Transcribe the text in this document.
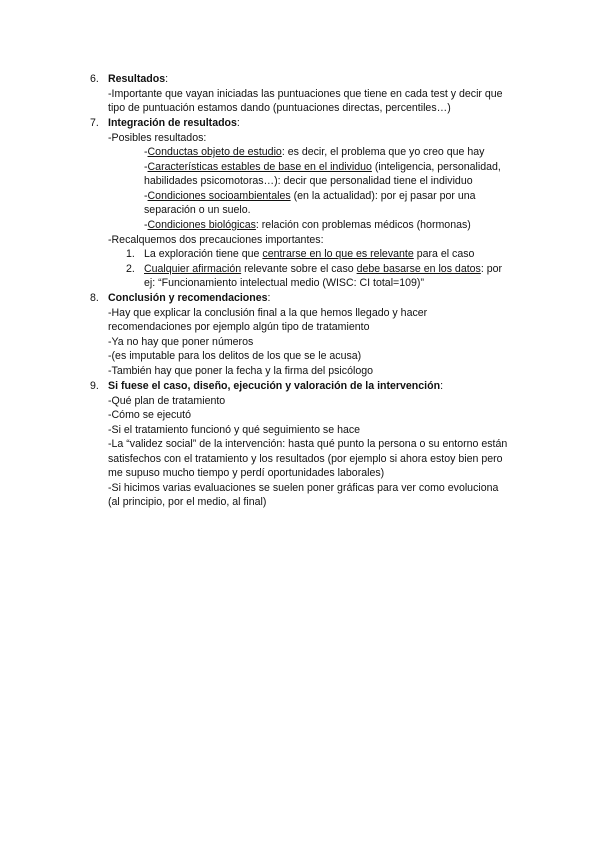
6. Resultados:
-Importante que vayan iniciadas las puntuaciones que tiene en cada test y decir que
tipo de puntuación estamos dando (puntuaciones directas, percentiles…)
7. Integración de resultados:
-Posibles resultados:
-Conductas objeto de estudio: es decir, el problema que yo creo que hay
-Características estables de base en el individuo (inteligencia, personalidad,
habilidades psicomotoras…): decir que personalidad tiene el individuo
-Condiciones socioambientales (en la actualidad): por ej pasar por una
separación o un suelo.
-Condiciones biológicas: relación con problemas médicos (hormonas)
-Recalquemos dos precauciones importantes:
1. La exploración tiene que centrarse en lo que es relevante para el caso
2. Cualquier afirmación relevante sobre el caso debe basarse en los datos: por
ej: “Funcionamiento intelectual medio (WISC: CI total=109)”
8. Conclusión y recomendaciones:
-Hay que explicar la conclusión final a la que hemos llegado y hacer
recomendaciones por ejemplo algún tipo de tratamiento
-Ya no hay que poner números
-(es imputable para los delitos de los que se le acusa)
-También hay que poner la fecha y la firma del psicólogo
9. Si fuese el caso, diseño, ejecución y valoración de la intervención:
-Qué plan de tratamiento
-Cómo se ejecutó
-Si el tratamiento funcionó y qué seguimiento se hace
-La “validez social” de la intervención: hasta qué punto la persona o su entorno están
satisfechos con el tratamiento y los resultados (por ejemplo si ahora estoy bien pero
me supuso mucho tiempo y perdí oportunidades laborales)
-Si hicimos varias evaluaciones se suelen poner gráficas para ver como evoluciona
(al principio, por el medio, al final)
